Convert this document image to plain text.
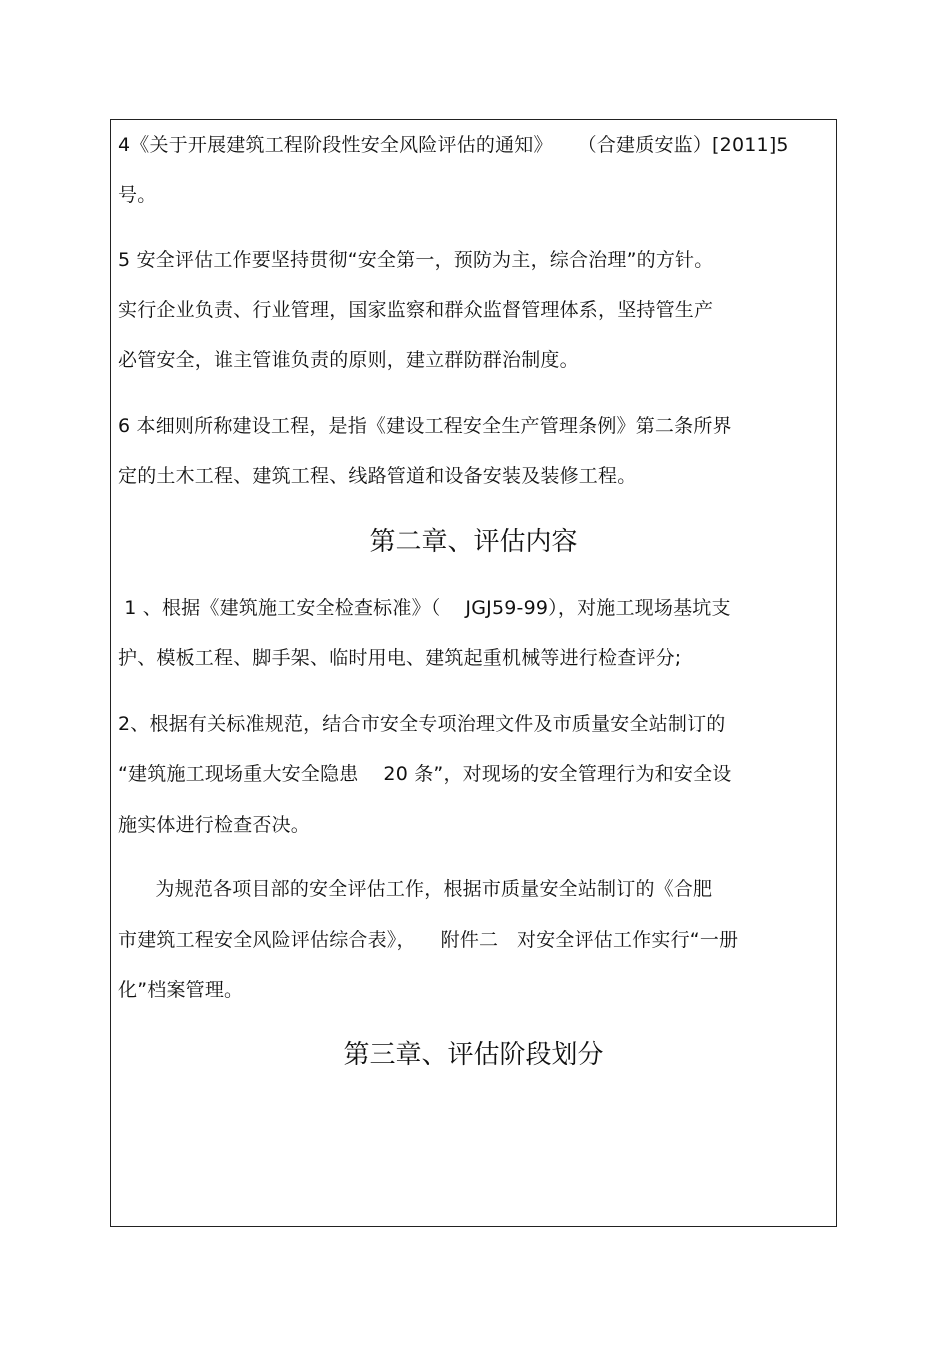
4《关于开展建筑工程阶段性安全风险评估的通知》    （合建质安监）[2011]5
号。
5 安全评估工作要坚持贯彻“安全第一，预防为主，综合治理”的方针。
实行企业负责、行业管理，国家监察和群众监督管理体系，坚持管生产
必管安全，谁主管谁负责的原则，建立群防群治制度。
6 本细则所称建设工程，是指《建设工程安全生产管理条例》第二条所界
定的土木工程、建筑工程、线路管道和设备安装及装修工程。
第二章、评估内容
1 、根据《建筑施工安全检查标准》（    JGJ59-99），对施工现场基坑支
护、模板工程、脚手架、临时用电、建筑起重机械等进行检查评分;
2、根据有关标准规范，结合市安全专项治理文件及市质量安全站制订的
“建筑施工现场重大安全隐患    20 条”，对现场的安全管理行为和安全设
施实体进行检查否决。
为规范各项目部的安全评估工作，根据市质量安全站制订的《合肥
市建筑工程安全风险评估综合表》，    附件二   对安全评估工作实行“一册
化”档案管理。
第三章、评估阶段划分
